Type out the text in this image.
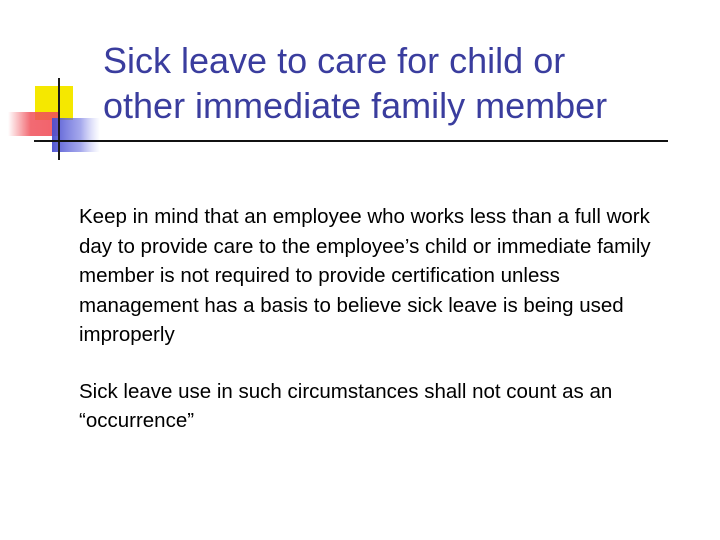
Sick leave to care for child or
other immediate family member

Keep in mind that an employee who works less than a full work day to provide care to the employee’s child or immediate family member is not required to provide certification unless management has a basis to believe sick leave is being used improperly

Sick leave use in such circumstances shall not count as an “occurrence”
